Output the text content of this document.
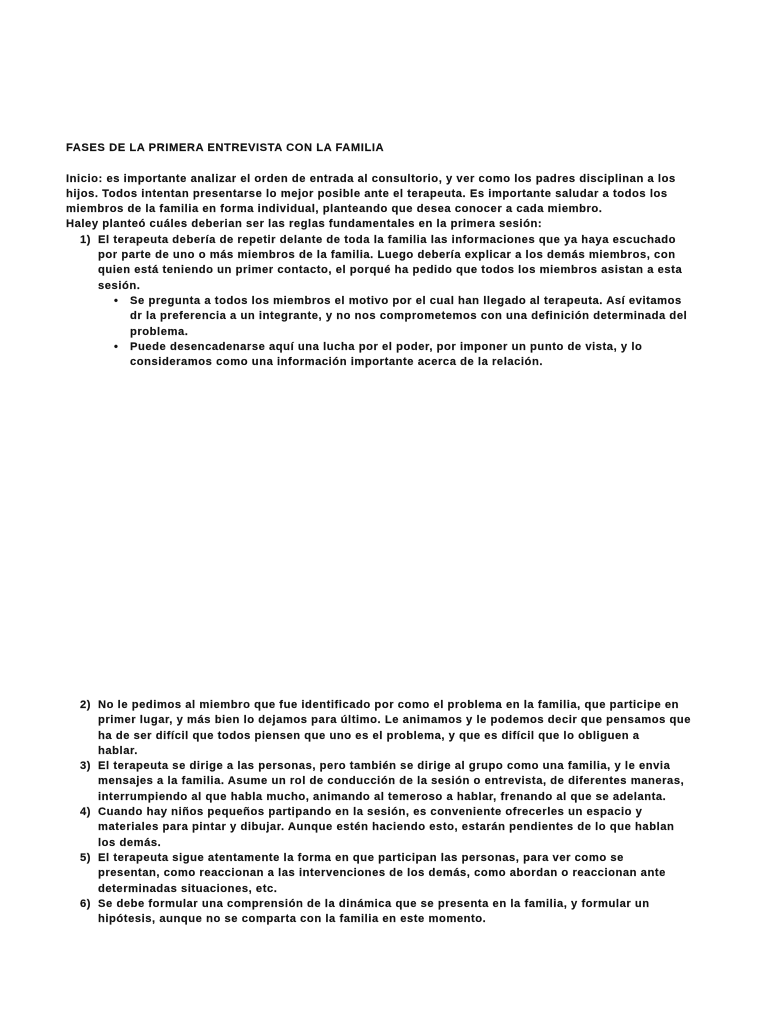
FASES DE LA PRIMERA ENTREVISTA CON LA FAMILIA
Inicio: es importante analizar el orden de entrada al consultorio, y ver como los padres disciplinan a los
hijos. Todos intentan presentarse lo mejor posible ante el terapeuta. Es importante saludar a todos los
miembros de la familia en forma individual, planteando que desea conocer a cada miembro.
Haley planteó cuáles deberian ser las reglas fundamentales en la primera sesión:
1) El terapeuta debería de repetir delante de toda la familia las informaciones que ya haya escuchado
por parte de uno o más miembros de la familia. Luego debería explicar a los demás miembros, con
quien está teniendo un primer contacto, el porqué ha pedido que todos los miembros asistan a esta
sesión.
• Se pregunta a todos los miembros el motivo por el cual han llegado al terapeuta. Así evitamos
dr la preferencia a un integrante, y no nos comprometemos con una definición determinada del
problema.
• Puede desencadenarse aquí una lucha por el poder, por imponer un punto de vista, y lo
consideramos como una información importante acerca de la relación.
2) No le pedimos al miembro que fue identificado por como el problema en la familia, que participe en
primer lugar, y más bien lo dejamos para último. Le animamos y le podemos decir que pensamos que
ha de ser difícil que todos piensen que uno es el problema, y que es difícil que lo obliguen a
hablar.
3) El terapeuta se dirige a las personas, pero también se dirige al grupo como una familia, y le envia
mensajes a la familia. Asume un rol de conducción de la sesión o entrevista, de diferentes maneras,
interrumpiendo al que habla mucho, animando al temeroso a hablar, frenando al que se adelanta.
4) Cuando hay niños pequeños partipando en la sesión, es conveniente ofrecerles un espacio y
materiales para pintar y dibujar. Aunque estén haciendo esto, estarán pendientes de lo que hablan
los demás.
5) El terapeuta sigue atentamente la forma en que participan las personas, para ver como se
presentan, como reaccionan a las intervenciones de los demás, como abordan o reaccionan ante
determinadas situaciones, etc.
6) Se debe formular una comprensión de la dinámica que se presenta en la familia, y formular un
hipótesis, aunque no se comparta con la familia en este momento.
